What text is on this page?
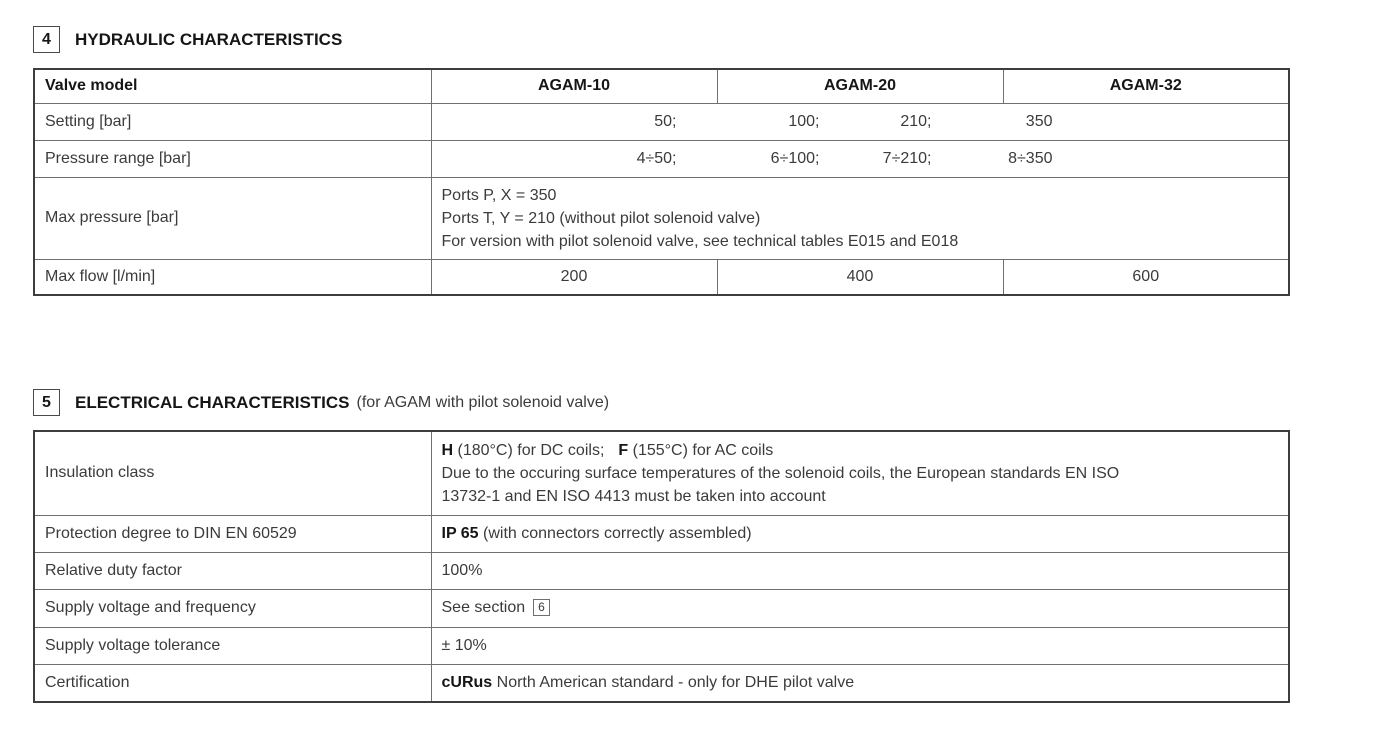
4	HYDRAULIC CHARACTERISTICS
Valve model	AGAM-10	AGAM-20	AGAM-32
Setting [bar]	50; 100; 210; 350		
Pressure range [bar]	4÷50; 6÷100; 7÷210; 8÷350		
Max pressure [bar]	Ports P, X = 350
Ports T, Y = 210 (without pilot solenoid valve)
For version with pilot solenoid valve, see technical tables E015 and E018		

Max flow [l/min]	200	400	600
5	ELECTRICAL CHARACTERISTICS (for AGAM with pilot solenoid valve)
Insulation class	H (180°C) for DC coils; F (155°C) for AC coils
Due to the occuring surface temperatures of the solenoid coils, the European standards EN ISO
13732-1 and EN ISO 4413 must be taken into account

Protection degree to DIN EN 60529	IP 65 (with connectors correctly assembled)
Relative duty factor	100%
Supply voltage and frequency	See section 6
Supply voltage tolerance	± 10%
Certification	cURus North American standard - only for DHE pilot valve
